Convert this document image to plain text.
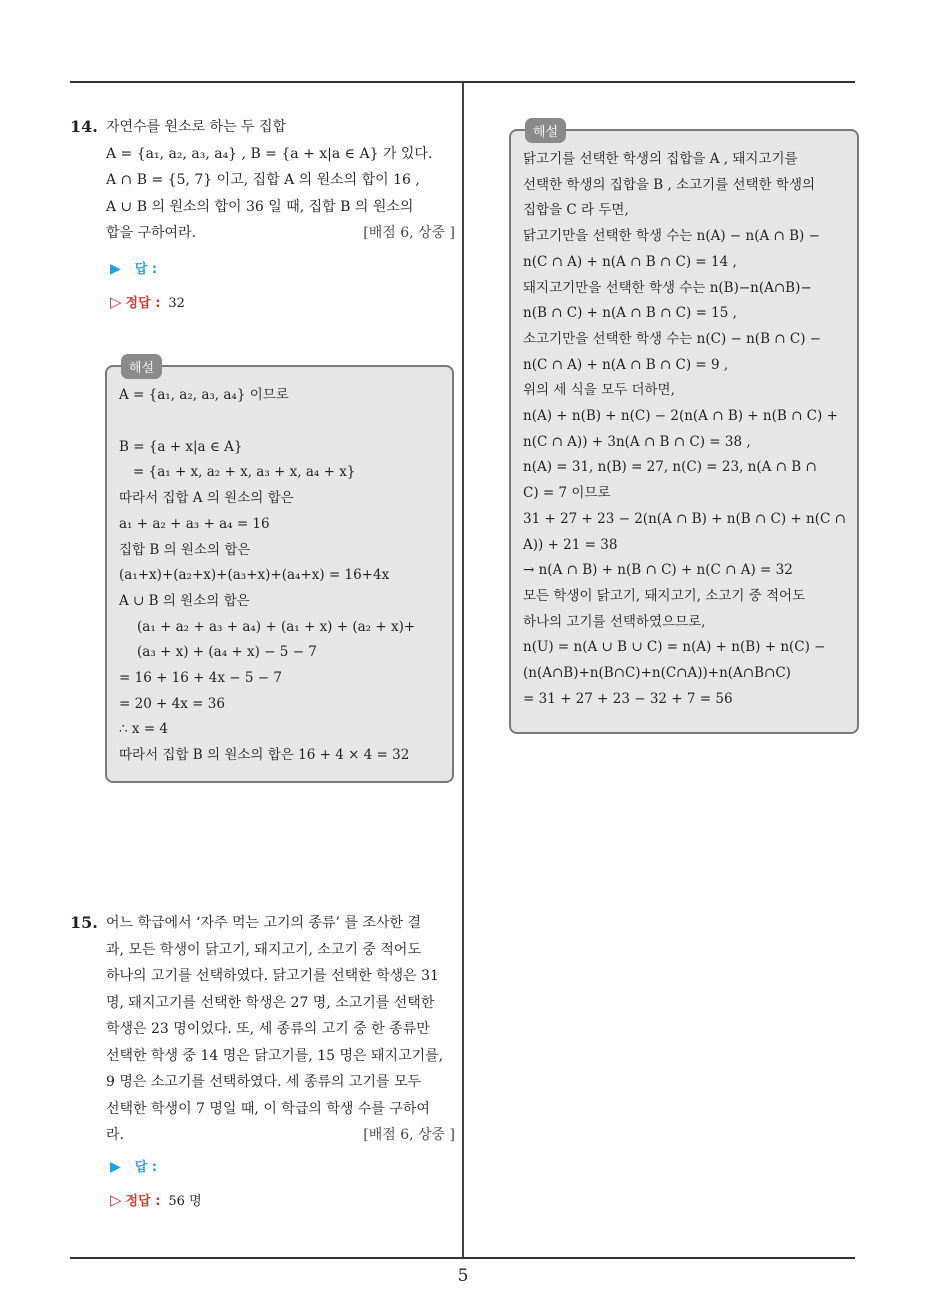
14. 자연수를 원소로 하는 두 집합
A = {a₁, a₂, a₃, a₄} , B = {a + x|a ∈ A} 가 있다.
A ∩ B = {5, 7} 이고, 집합 A 의 원소의 합이 16 ,
A ∪ B 의 원소의 합이 36 일 때, 집합 B 의 원소의
합을 구하여라.	[배점 6, 상중 ]
▶ 답 :
▷ 정답 : 32
해설
A = {a₁, a₂, a₃, a₄} 이므로
B = {a + x|a ∈ A}
= {a₁ + x, a₂ + x, a₃ + x, a₄ + x}
따라서 집합 A 의 원소의 합은
a₁ + a₂ + a₃ + a₄ = 16
집합 B 의 원소의 합은
(a₁+x)+(a₂+x)+(a₃+x)+(a₄+x) = 16+4x
A ∪ B 의 원소의 합은
(a₁ + a₂ + a₃ + a₄) + (a₁ + x) + (a₂ + x)+
(a₃ + x) + (a₄ + x) − 5 − 7
= 16 + 16 + 4x − 5 − 7
= 20 + 4x = 36
∴ x = 4
따라서 집합 B 의 원소의 합은 16 + 4 × 4 = 32
15. 어느 학급에서 ‘자주 먹는 고기의 종류’ 를 조사한 결
과, 모든 학생이 닭고기, 돼지고기, 소고기 중 적어도
하나의 고기를 선택하였다. 닭고기를 선택한 학생은 31
명, 돼지고기를 선택한 학생은 27 명, 소고기를 선택한
학생은 23 명이었다. 또, 세 종류의 고기 중 한 종류만
선택한 학생 중 14 명은 닭고기를, 15 명은 돼지고기를,
9 명은 소고기를 선택하였다. 세 종류의 고기를 모두
선택한 학생이 7 명일 때, 이 학급의 학생 수를 구하여
라.	[배점 6, 상중 ]
▶ 답 :
▷ 정답 : 56 명
해설
닭고기를 선택한 학생의 집합을 A , 돼지고기를
선택한 학생의 집합을 B , 소고기를 선택한 학생의
집합을 C 라 두면,
닭고기만을 선택한 학생 수는 n(A) − n(A ∩ B) −
n(C ∩ A) + n(A ∩ B ∩ C) = 14 ,
돼지고기만을 선택한 학생 수는 n(B)−n(A∩B)−
n(B ∩ C) + n(A ∩ B ∩ C) = 15 ,
소고기만을 선택한 학생 수는 n(C) − n(B ∩ C) −
n(C ∩ A) + n(A ∩ B ∩ C) = 9 ,
위의 세 식을 모두 더하면,
n(A) + n(B) + n(C) − 2(n(A ∩ B) + n(B ∩ C) +
n(C ∩ A)) + 3n(A ∩ B ∩ C) = 38 ,
n(A) = 31, n(B) = 27, n(C) = 23, n(A ∩ B ∩
C) = 7 이므로
31 + 27 + 23 − 2(n(A ∩ B) + n(B ∩ C) + n(C ∩
A)) + 21 = 38
→ n(A ∩ B) + n(B ∩ C) + n(C ∩ A) = 32
모든 학생이 닭고기, 돼지고기, 소고기 중 적어도
하나의 고기를 선택하였으므로,
n(U) = n(A ∪ B ∪ C) = n(A) + n(B) + n(C) −
(n(A∩B)+n(B∩C)+n(C∩A))+n(A∩B∩C)
= 31 + 27 + 23 − 32 + 7 = 56
5
